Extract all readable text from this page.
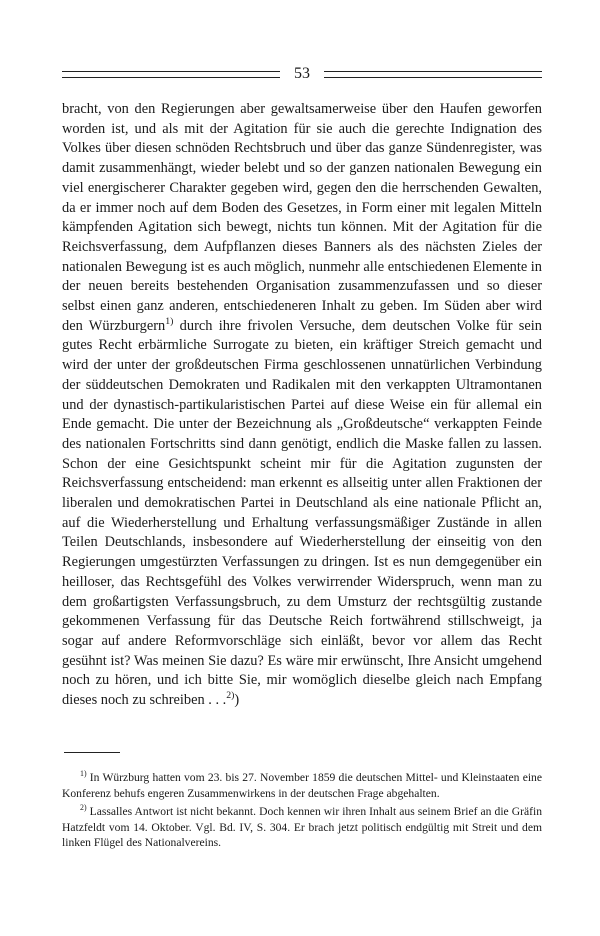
53
bracht, von den Regierungen aber gewaltsamerweise über den Haufen geworfen worden ist, und als mit der Agitation für sie auch die gerechte Indignation des Volkes über diesen schnöden Rechtsbruch und über das ganze Sündenregister, was damit zusammenhängt, wieder belebt und so der ganzen nationalen Bewegung ein viel energischerer Charakter gegeben wird, gegen den die herrschenden Gewalten, da er immer noch auf dem Boden des Gesetzes, in Form einer mit legalen Mitteln kämpfenden Agitation sich bewegt, nichts tun können. Mit der Agitation für die Reichsverfassung, dem Aufpflanzen dieses Banners als des nächsten Zieles der nationalen Bewegung ist es auch möglich, nunmehr alle entschiedenen Elemente in der neuen bereits bestehenden Organisation zusammenzufassen und so dieser selbst einen ganz anderen, entschiedeneren Inhalt zu geben. Im Süden aber wird den Würzburgern$^{1)}$ durch ihre frivolen Versuche, dem deutschen Volke für sein gutes Recht erbärmliche Surrogate zu bieten, ein kräftiger Streich gemacht und wird der unter der großdeutschen Firma geschlossenen unnatürlichen Verbindung der süddeutschen Demokraten und Radikalen mit den verkappten Ultramontanen und der dynastisch-partikularistischen Partei auf diese Weise ein für allemal ein Ende gemacht. Die unter der Bezeichnung als „Großdeutsche“ verkappten Feinde des nationalen Fortschritts sind dann genötigt, endlich die Maske fallen zu lassen. Schon der eine Gesichtspunkt scheint mir für die Agitation zugunsten der Reichsverfassung entscheidend: man erkennt es allseitig unter allen Fraktionen der liberalen und demokratischen Partei in Deutschland als eine nationale Pflicht an, auf die Wiederherstellung und Erhaltung verfassungsmäßiger Zustände in allen Teilen Deutschlands, insbesondere auf Wiederherstellung der einseitig von den Regierungen umgestürzten Verfassungen zu dringen. Ist es nun demgegenüber ein heilloser, das Rechtsgefühl des Volkes verwirrender Widerspruch, wenn man zu dem großartigsten Verfassungsbruch, zu dem Umsturz der rechtsgültig zustande gekommenen Verfassung für das Deutsche Reich fortwährend stillschweigt, ja sogar auf andere Reformvorschläge sich einläßt, bevor vor allem das Recht gesühnt ist? Was meinen Sie dazu? Es wäre mir erwünscht, Ihre Ansicht umgehend noch zu hören, und ich bitte Sie, mir womöglich dieselbe gleich nach Empfang dieses noch zu schreiben . . .$^{2)}$)

$^{1)}$ In Würzburg hatten vom 23. bis 27. November 1859 die deutschen Mittel- und Kleinstaaten eine Konferenz behufs engeren Zusammenwirkens in der deutschen Frage abgehalten.

$^{2)}$ Lassalles Antwort ist nicht bekannt. Doch kennen wir ihren Inhalt aus seinem Brief an die Gräfin Hatzfeldt vom 14. Oktober. Vgl. Bd. IV, S. 304. Er brach jetzt politisch endgültig mit Streit und dem linken Flügel des Nationalvereins.
